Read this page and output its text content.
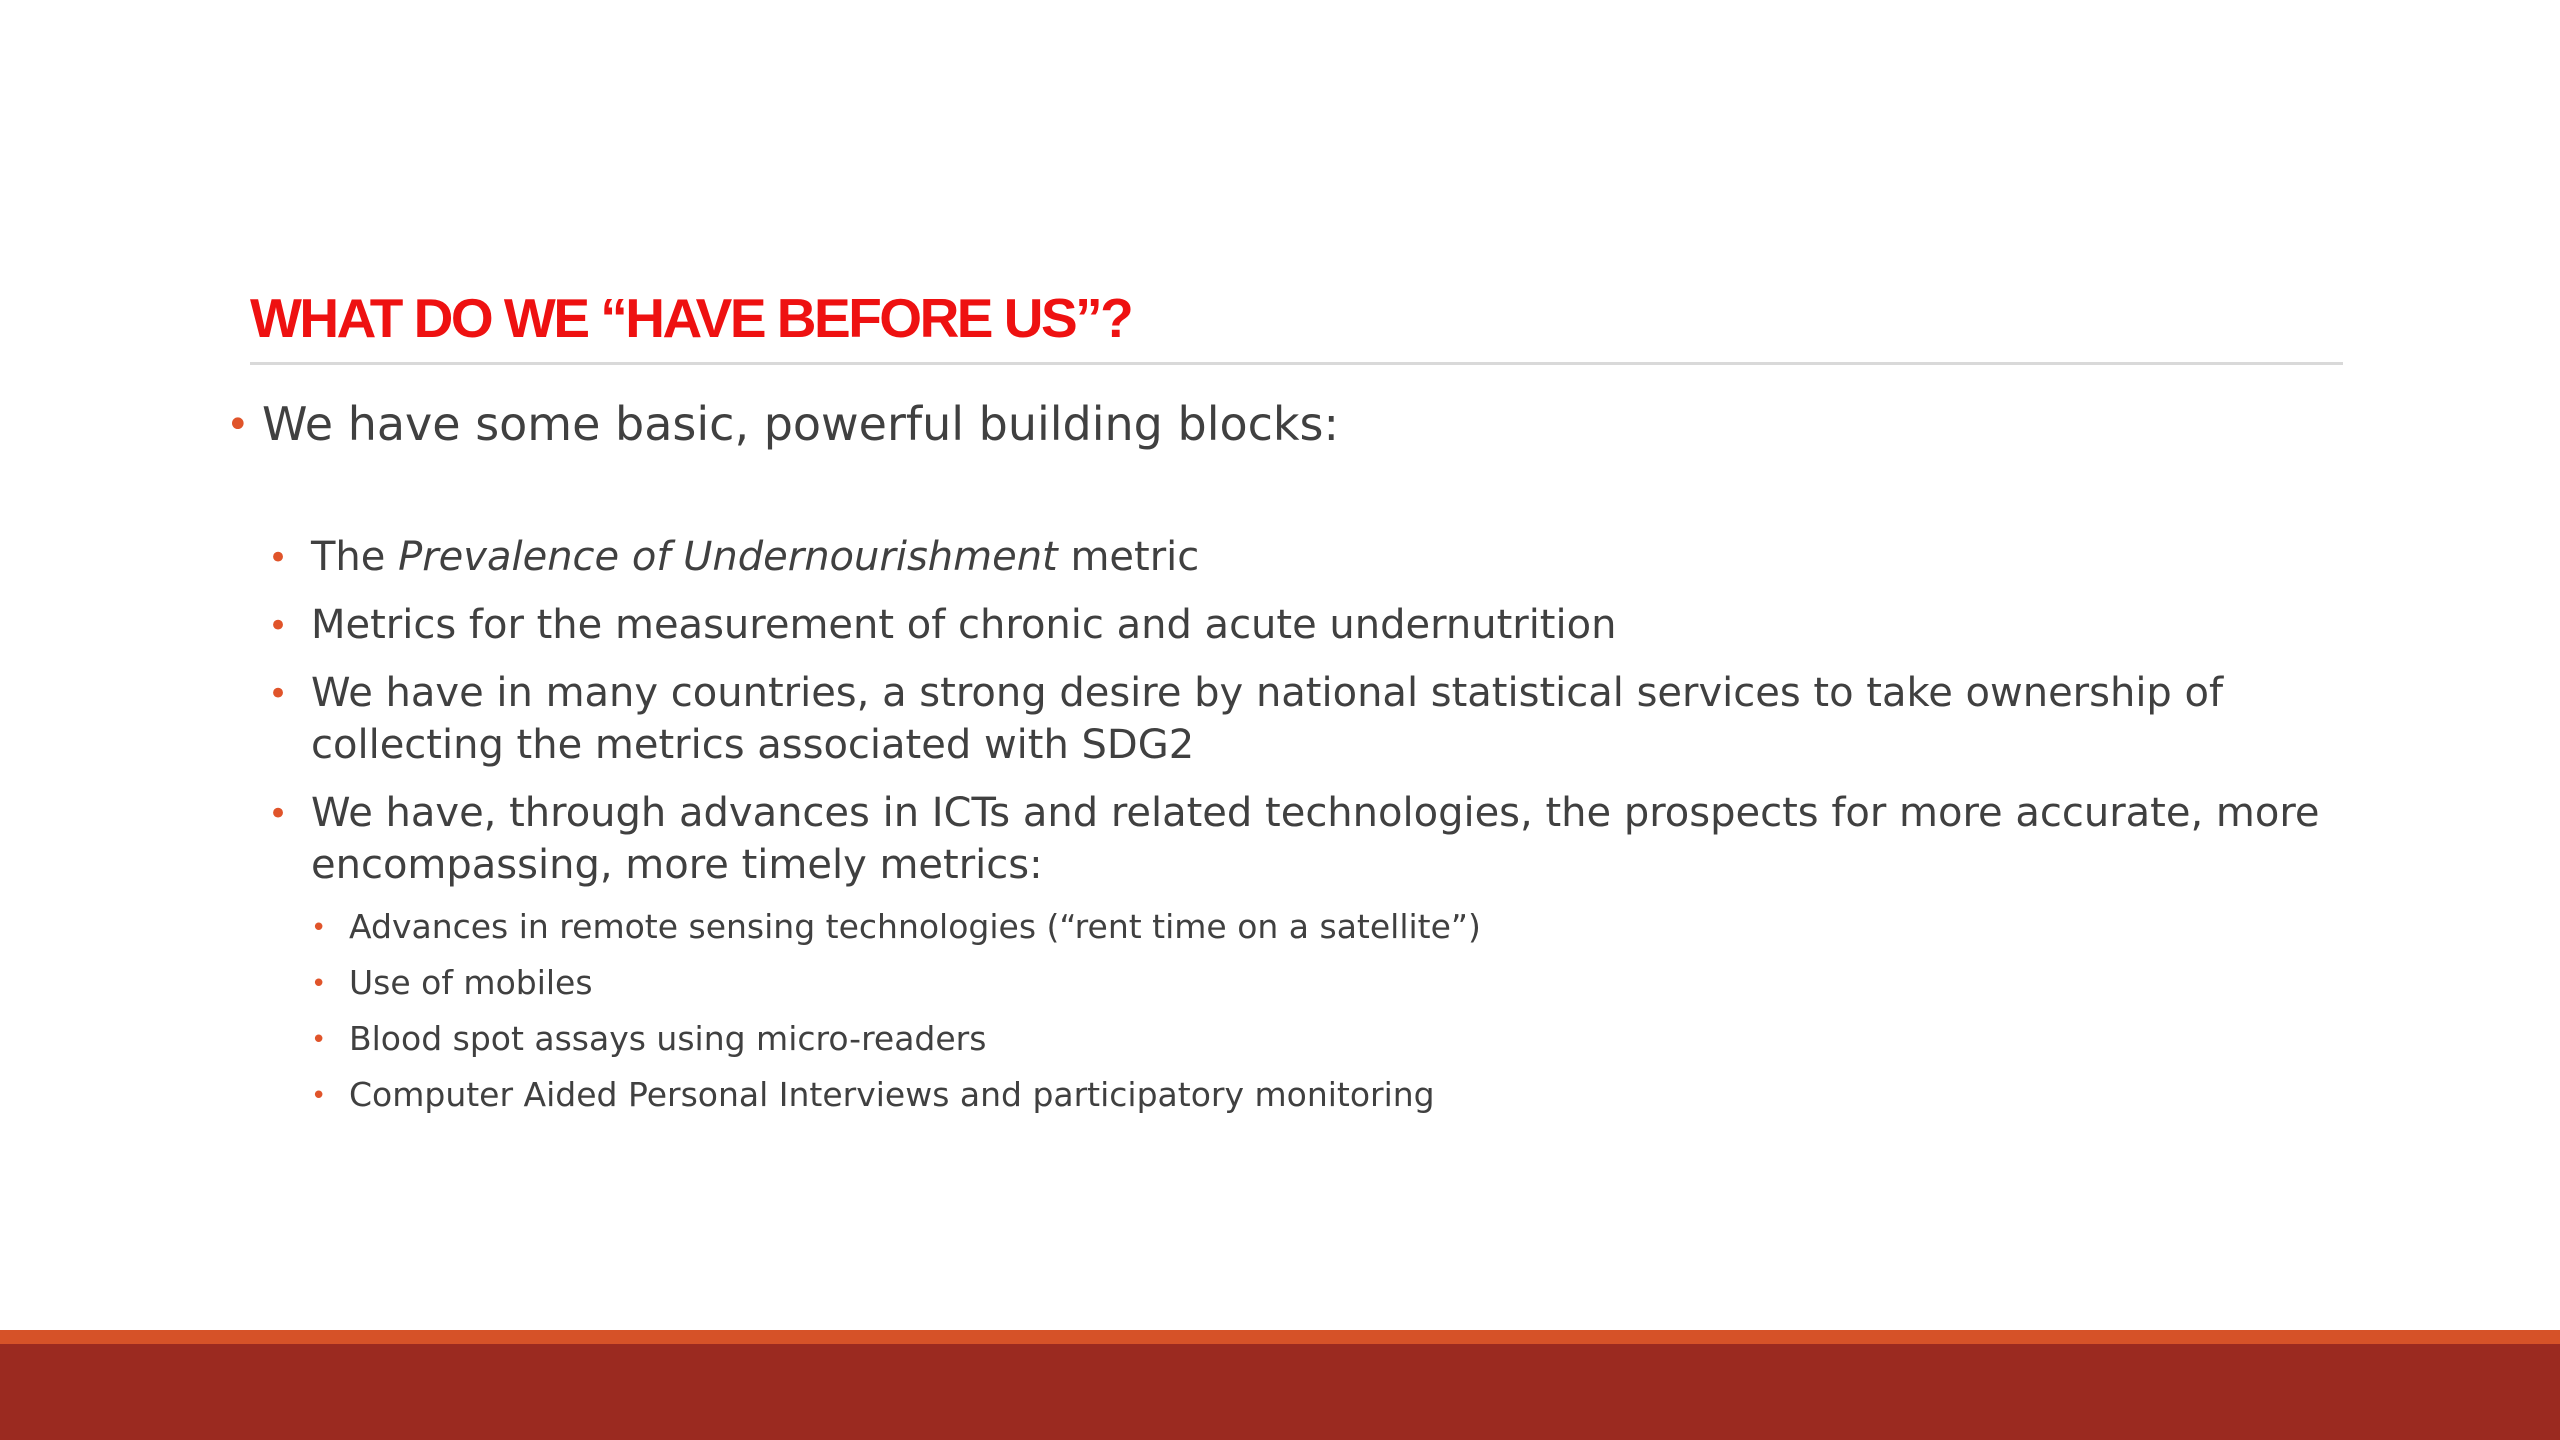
WHAT DO WE “HAVE BEFORE US”?
• We have some basic, powerful building blocks:
• The Prevalence of Undernourishment metric
• Metrics for the measurement of chronic and acute undernutrition
• We have in many countries, a strong desire by national statistical services to take ownership of
collecting the metrics associated with SDG2
• We have, through advances in ICTs and related technologies, the prospects for more accurate, more
encompassing, more timely metrics:
• Advances in remote sensing technologies (“rent time on a satellite”)
• Use of mobiles
• Blood spot assays using micro-readers
• Computer Aided Personal Interviews and participatory monitoring
